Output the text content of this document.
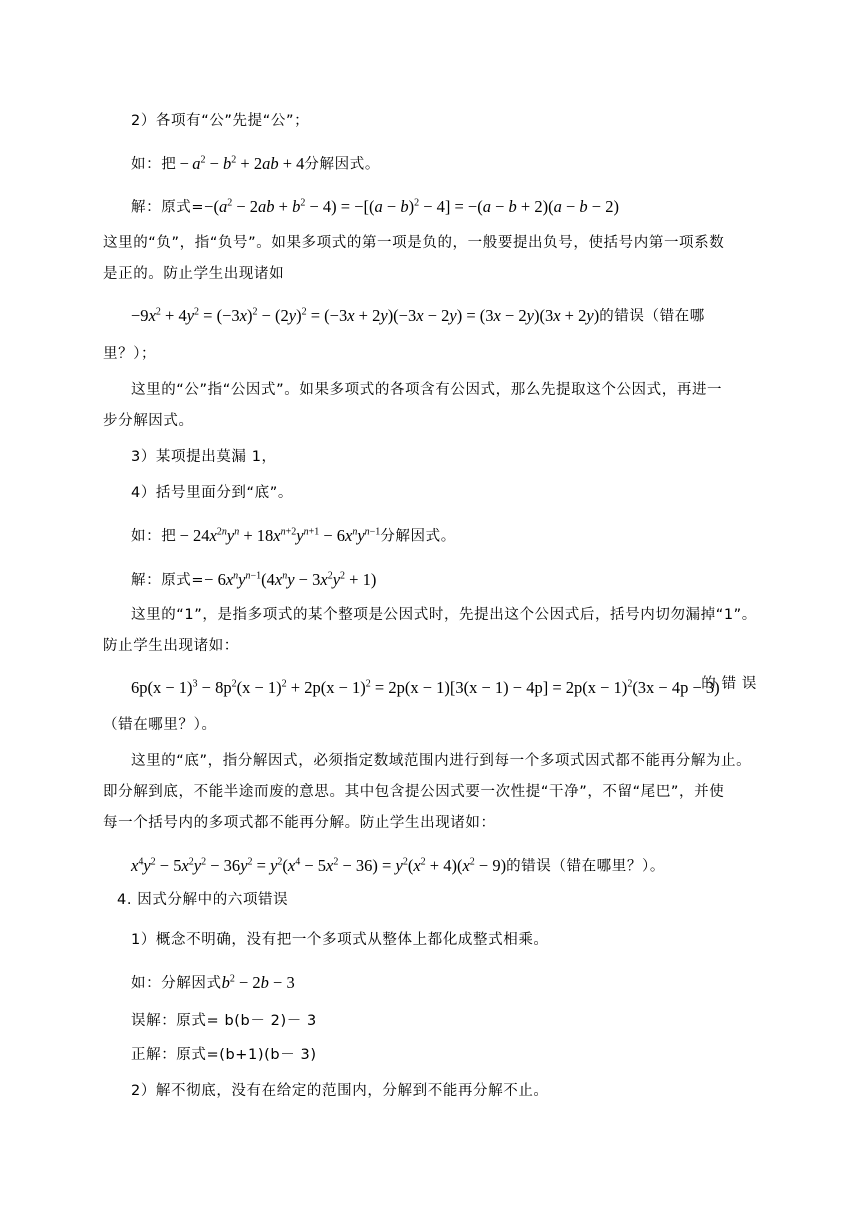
2）各项有“公”先提“公”；
如：把 − $a^2 - b^2 + 2ab + 4$分解因式。
解：原式$=-(a^2 - 2ab + b^2 - 4) = -[(a - b)^2 - 4] = -(a - b + 2)(a - b - 2)$
这里的“负”，指“负号”。如果多项式的第一项是负的，一般要提出负号，使括号内第一项系数
是正的。防止学生出现诸如
$-9x^2 + 4y^2 = (-3x)^2 - (2y)^2 = (-3x + 2y)(-3x - 2y) = (3x - 2y)(3x + 2y)$的错误（错在哪
里？）；
这里的“公”指“公因式”。如果多项式的各项含有公因式，那么先提取这个公因式，再进一
步分解因式。
3）某项提出莫漏 1，
4）括号里面分到“底”。
如：把 − $24x^{2n}y^n + 18x^{n+2}y^{n+1} - 6x^ny^{n-1}$分解因式。
解：原式=− $6x^ny^{n-1}(4x^ny - 3x^2y^2 + 1)$
这里的“1”，是指多项式的某个整项是公因式时，先提出这个公因式后，括号内切勿漏掉“1”。
防止学生出现诸如：
$6p(x - 1)^3 - 8p^2(x - 1)^2 + 2p(x - 1)^2 = 2p(x - 1)[3(x - 1) - 4p] = 2p(x - 1)^2(3x - 4p - 3)$
的 错 误
（错在哪里？）。
这里的“底”，指分解因式，必须指定数域范围内进行到每一个多项式因式都不能再分解为止。
即分解到底，不能半途而废的意思。其中包含提公因式要一次性提“干净”，不留“尾巴”，并使
每一个括号内的多项式都不能再分解。防止学生出现诸如：
$x^4y^2 - 5x^2y^2 - 36y^2 = y^2(x^4 - 5x^2 - 36) = y^2(x^2 + 4)(x^2 - 9)$的错误（错在哪里？）。
4. 因式分解中的六项错误
1）概念不明确，没有把一个多项式从整体上都化成整式相乘。
如：分解因式$b^2 - 2b - 3$
误解：原式= b(b－ 2)－ 3
正解：原式=(b+1)(b－ 3)
2）解不彻底，没有在给定的范围内，分解到不能再分解不止。
